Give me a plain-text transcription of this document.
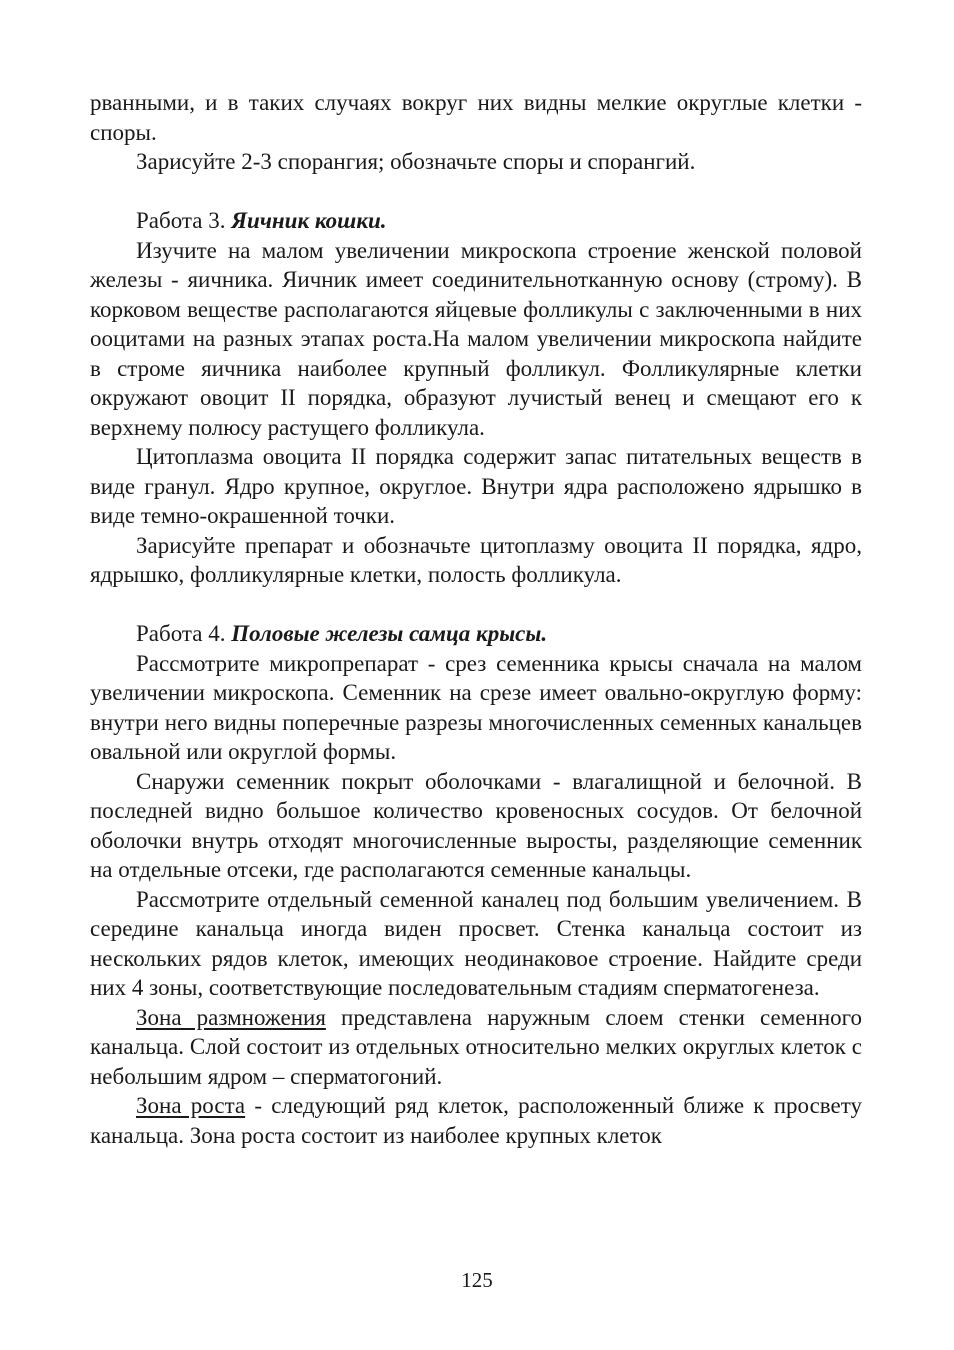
рванными, и в таких случаях вокруг них видны мелкие округлые клетки - споры.

Зарисуйте 2-3 спорангия; обозначьте споры и спорангий.

Работа 3. Яичник кошки.

Изучите на малом увеличении микроскопа строение женской половой железы - яичника. Яичник имеет соединительнотканную основу (строму). В корковом веществе располагаются яйцевые фолликулы с заключенными в них ооцитами на разных этапах роста.На малом увеличении микроскопа найдите в строме яичника наиболее крупный фолликул. Фолликулярные клетки окружают овоцит II порядка, образуют лучистый венец и смещают его к верхнему полюсу растущего фолликула.

Цитоплазма овоцита II порядка содержит запас питательных веществ в виде гранул. Ядро крупное, округлое. Внутри ядра расположено ядрышко в виде темно-окрашенной точки.

Зарисуйте препарат и обозначьте цитоплазму овоцита II порядка, ядро, ядрышко, фолликулярные клетки, полость фолликула.

Работа 4. Половые железы самца крысы.

Рассмотрите микропрепарат - срез семенника крысы сначала на малом увеличении микроскопа. Семенник на срезе имеет овально-округлую форму: внутри него видны поперечные разрезы многочисленных семенных канальцев овальной или округлой формы.

Снаружи семенник покрыт оболочками - влагалищной и белочной. В последней видно большое количество кровеносных сосудов. От белочной оболочки внутрь отходят многочисленные выросты, разделяющие семенник на отдельные отсеки, где располагаются семенные канальцы.

Рассмотрите отдельный семенной каналец под большим увеличением. В середине канальца иногда виден просвет. Стенка канальца состоит из нескольких рядов клеток, имеющих неодинаковое строение. Найдите среди них 4 зоны, соответствующие последовательным стадиям сперматогенеза.

Зона размножения представлена наружным слоем стенки семенного канальца. Слой состоит из отдельных относительно мелких округлых клеток с небольшим ядром – сперматогоний.

Зона роста - следующий ряд клеток, расположенный ближе к просвету канальца. Зона роста состоит из наиболее крупных клеток

125
